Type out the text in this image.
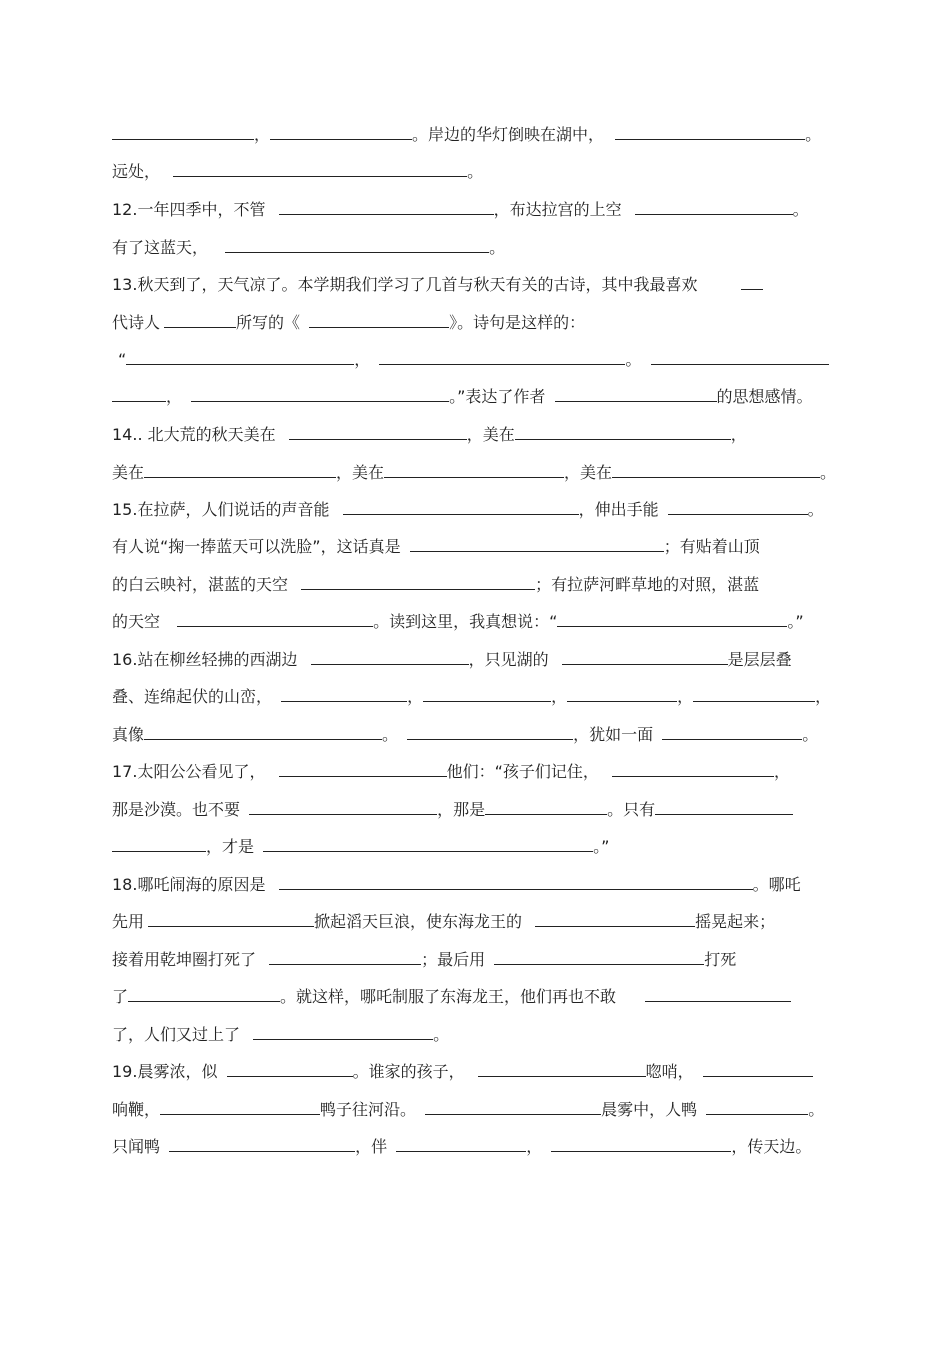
，	。岸边的华灯倒映在湖中，	。
远处，	。
12.一年四季中，不管	，布达拉宫的上空	。
有了这蓝天，	。
13.秋天到了，天气凉了。本学期我们学习了几首与秋天有关的古诗，其中我最喜欢
代诗人	所写的《	》。诗句是这样的：
“	，	。
，	。”表达了作者	的思想感情。
14.. 北大荒的秋天美在	，美在	，
美在	，美在	，美在	。
15.在拉萨，人们说话的声音能	，伸出手能	。
有人说“掬一捧蓝天可以洗脸”，这话真是	；有贴着山顶
的白云映衬，湛蓝的天空	；有拉萨河畔草地的对照，湛蓝
的天空	。读到这里，我真想说：“	。”
16.站在柳丝轻拂的西湖边	，只见湖的	是层层叠
叠、连绵起伏的山峦，	，	，	，	，
真像	。	，犹如一面	。
17.太阳公公看见了，	他们：“孩子们记住，	，
那是沙漠。也不要	，那是	。只有
，才是	。”
18.哪吒闹海的原因是	。哪吒
先用	掀起滔天巨浪，使东海龙王的	摇晃起来；
接着用乾坤圈打死了	；最后用	打死
了	。就这样，哪吒制服了东海龙王，他们再也不敢
了，人们又过上了	。
19.晨雾浓，似	。谁家的孩子，	唿哨，
响鞭，	鸭子往河沿。	晨雾中，人鸭	。
只闻鸭	，伴	，	，传天边。
